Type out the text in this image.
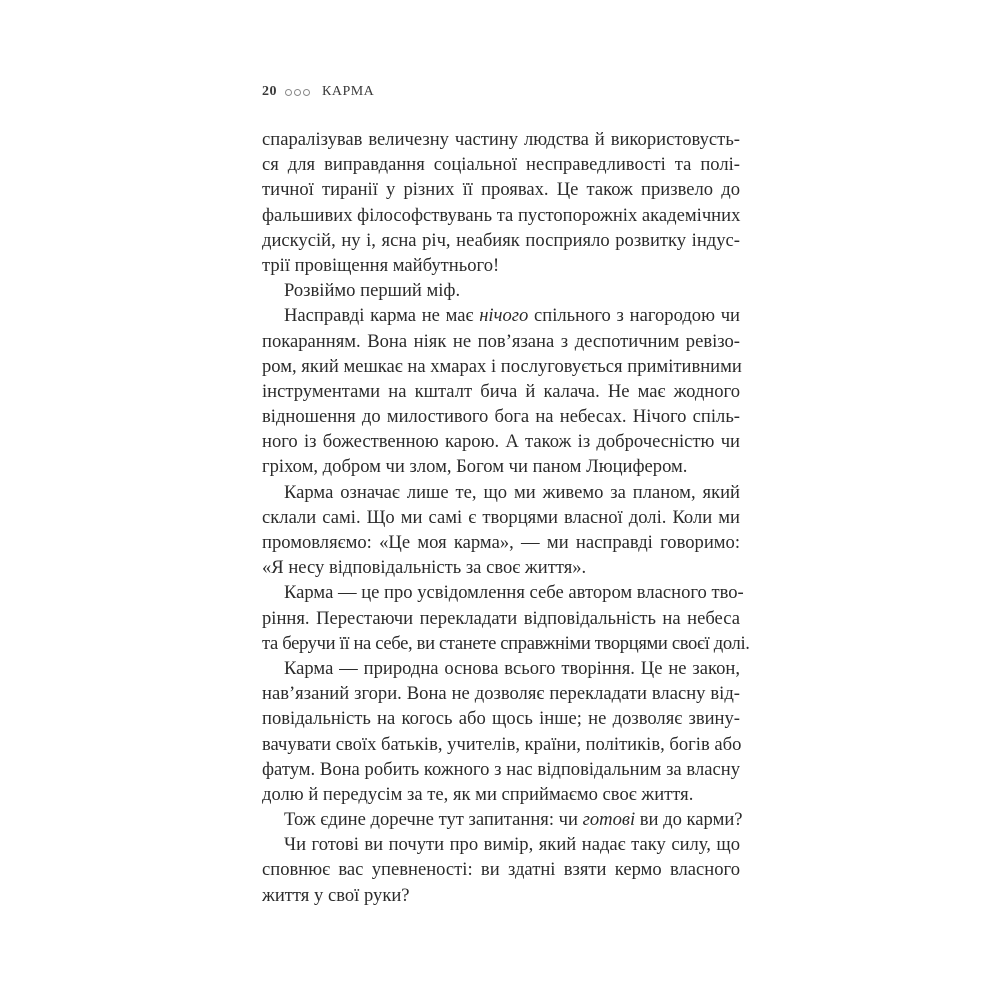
20	КАРМА
спаралізував величезну частину людства й використовусть-
ся для виправдання соціальної несправедливості та полі-
тичної тиранії у різних її проявах. Це також призвело до
фальшивих філософствувань та пустопорожніх академічних
дискусій, ну і, ясна річ, неабияк посприяло розвитку індус-
трії провіщення майбутнього!
Розвіймо перший міф.
Насправді карма не має нічого спільного з нагородою чи
покаранням. Вона ніяк не пов’язана з деспотичним ревізо-
ром, який мешкає на хмарах і послуговується примітивними
інструментами на кшталт бича й калача. Не має жодного
відношення до милостивого бога на небесах. Нічого спіль-
ного із божественною карою. А також із доброчесністю чи
гріхом, добром чи злом, Богом чи паном Люцифером.
Карма означає лише те, що ми живемо за планом, який
склали самі. Що ми самі є творцями власної долі. Коли ми
промовляємо: «Це моя карма», — ми насправді говоримо:
«Я несу відповідальність за своє життя».
Карма — це про усвідомлення себе автором власного тво-
ріння. Перестаючи перекладати відповідальність на небеса
та беручи її на себе, ви станете справжніми творцями своєї долі.
Карма — природна основа всього творіння. Це не закон,
нав’язаний згори. Вона не дозволяє перекладати власну від-
повідальність на когось або щось інше; не дозволяє звину-
вачувати своїх батьків, учителів, країни, політиків, богів або
фатум. Вона робить кожного з нас відповідальним за власну
долю й передусім за те, як ми сприймаємо своє життя.
Тож єдине доречне тут запитання: чи готові ви до карми?
Чи готові ви почути про вимір, який надає таку силу, що
сповнює вас упевненості: ви здатні взяти кермо власного
життя у свої руки?
